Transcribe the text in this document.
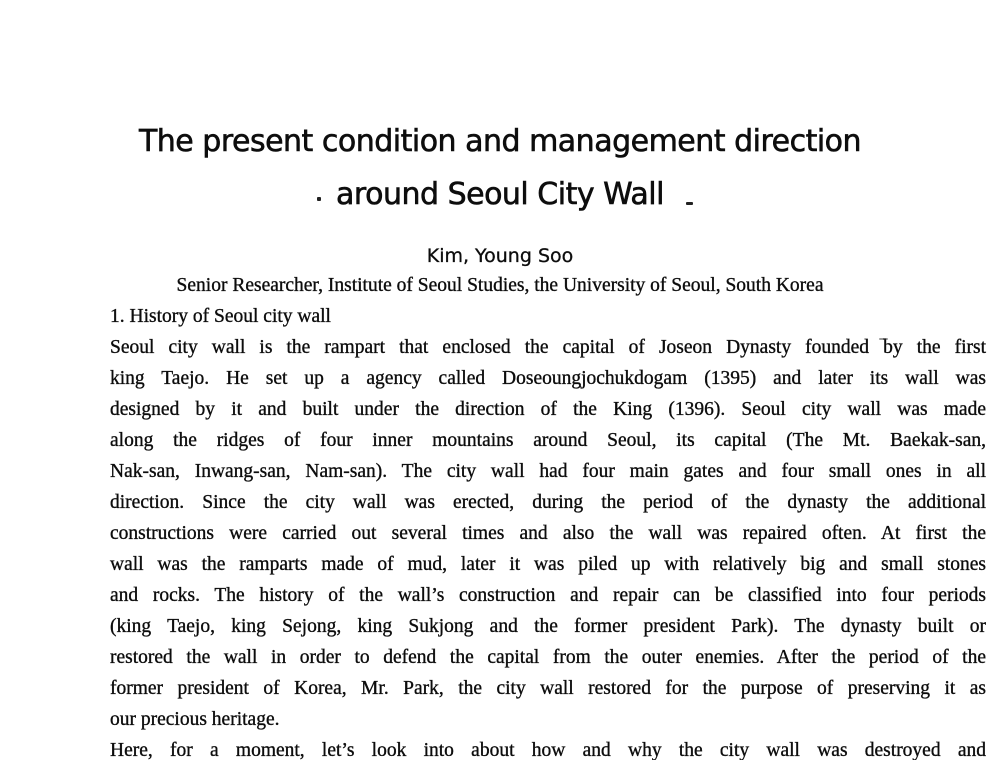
The present condition and management direction
around Seoul City Wall
Kim, Young Soo
Senior Researcher, Institute of Seoul Studies, the University of Seoul, South Korea
1. History of Seoul city wall
Seoul city wall is the rampart that enclosed the capital of Joseon Dynasty founded by the first
king Taejo. He set up a agency called Doseoungjochukdogam (1395) and later its wall was
designed by it and built under the direction of the King (1396). Seoul city wall was made
along the ridges of four inner mountains around Seoul, its capital (The Mt. Baekak-san,
Nak-san, Inwang-san, Nam-san). The city wall had four main gates and four small ones in all
direction. Since the city wall was erected, during the period of the dynasty the additional
constructions were carried out several times and also the wall was repaired often. At first the
wall was the ramparts made of mud, later it was piled up with relatively big and small stones
and rocks. The history of the wall’s construction and repair can be classified into four periods
(king Taejo, king Sejong, king Sukjong and the former president Park). The dynasty built or
restored the wall in order to defend the capital from the outer enemies. After the period of the
former president of Korea, Mr. Park, the city wall restored for the purpose of preserving it as
our precious heritage.
Here, for a moment, let’s look into about how and why the city wall was destroyed and
